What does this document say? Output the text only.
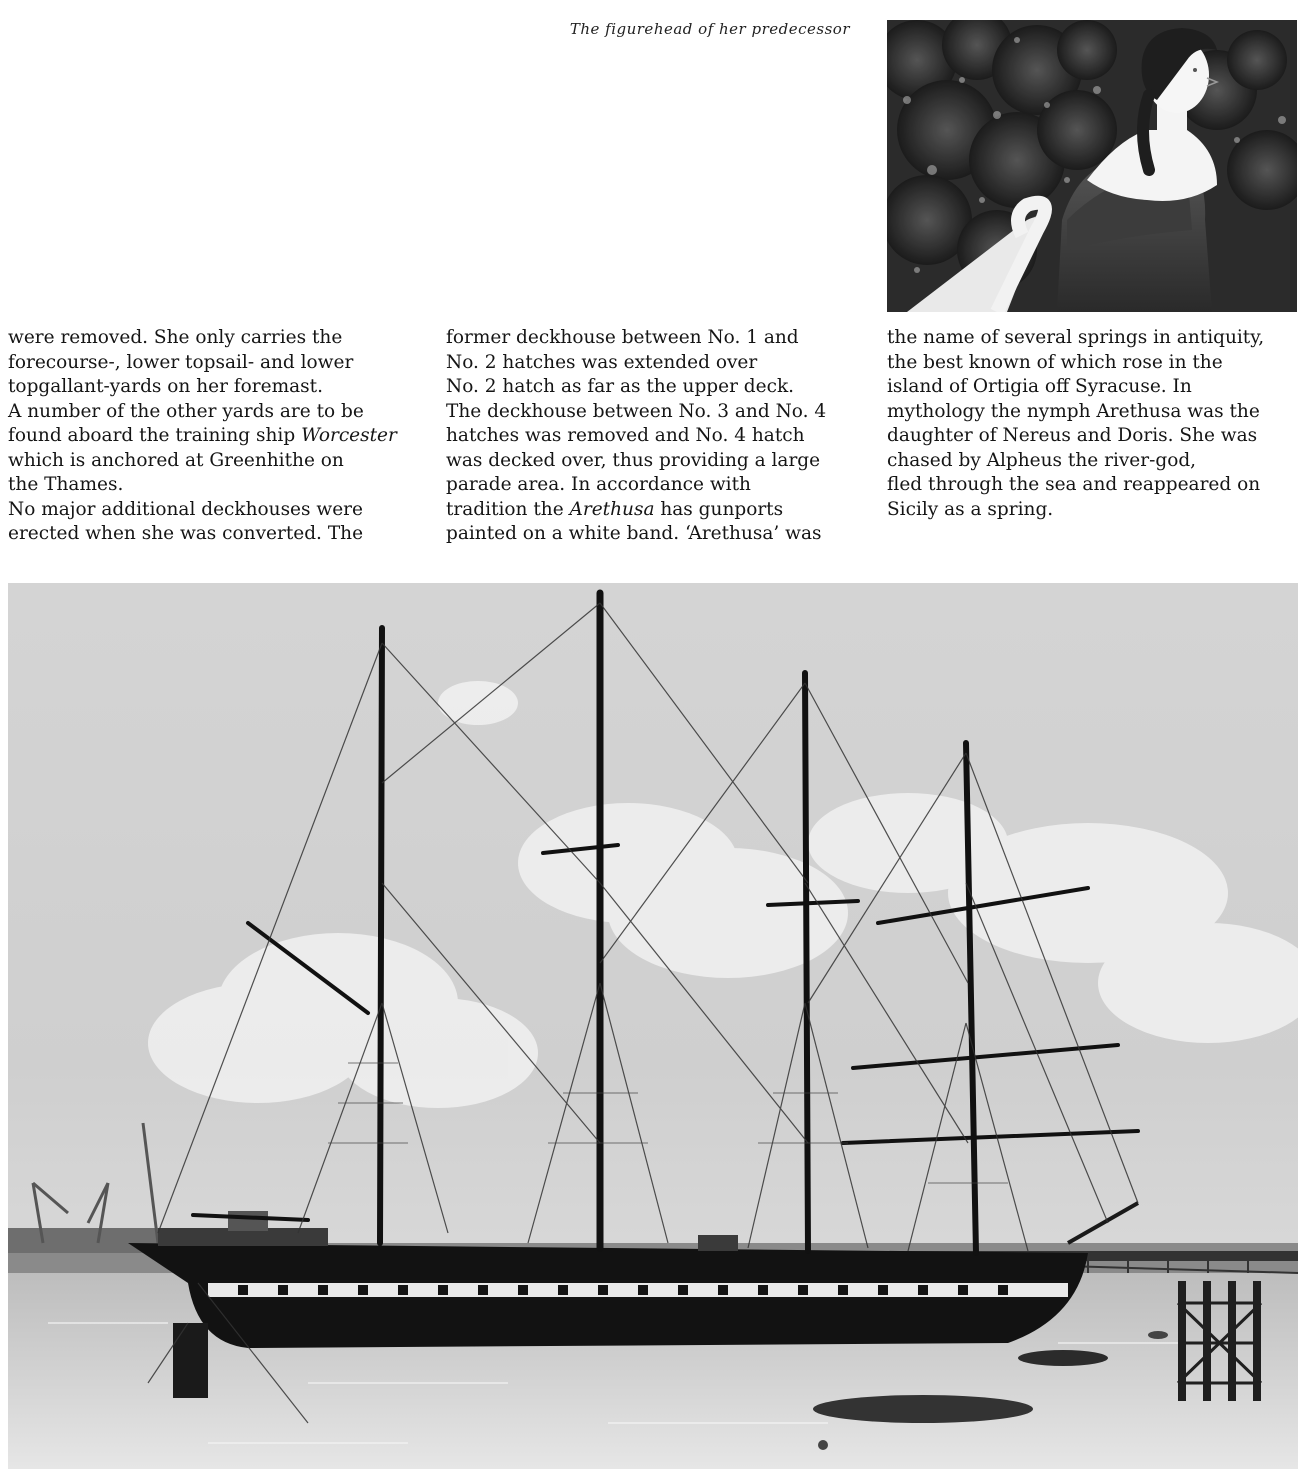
The figurehead of her predecessor
were removed. She only carries the
forecourse-, lower topsail- and lower
topgallant-yards on her foremast.
A number of the other yards are to be
found aboard the training ship Worcester
which is anchored at Greenhithe on
the Thames.
No major additional deckhouses were
erected when she was converted. The
former deckhouse between No. 1 and
No. 2 hatches was extended over
No. 2 hatch as far as the upper deck.
The deckhouse between No. 3 and No. 4
hatches was removed and No. 4 hatch
was decked over, thus providing a large
parade area. In accordance with
tradition the Arethusa has gunports
painted on a white band. ‘Arethusa’ was
the name of several springs in antiquity,
the best known of which rose in the
island of Ortigia off Syracuse. In
mythology the nymph Arethusa was the
daughter of Nereus and Doris. She was
chased by Alpheus the river-god,
fled through the sea and reappeared on
Sicily as a spring.
